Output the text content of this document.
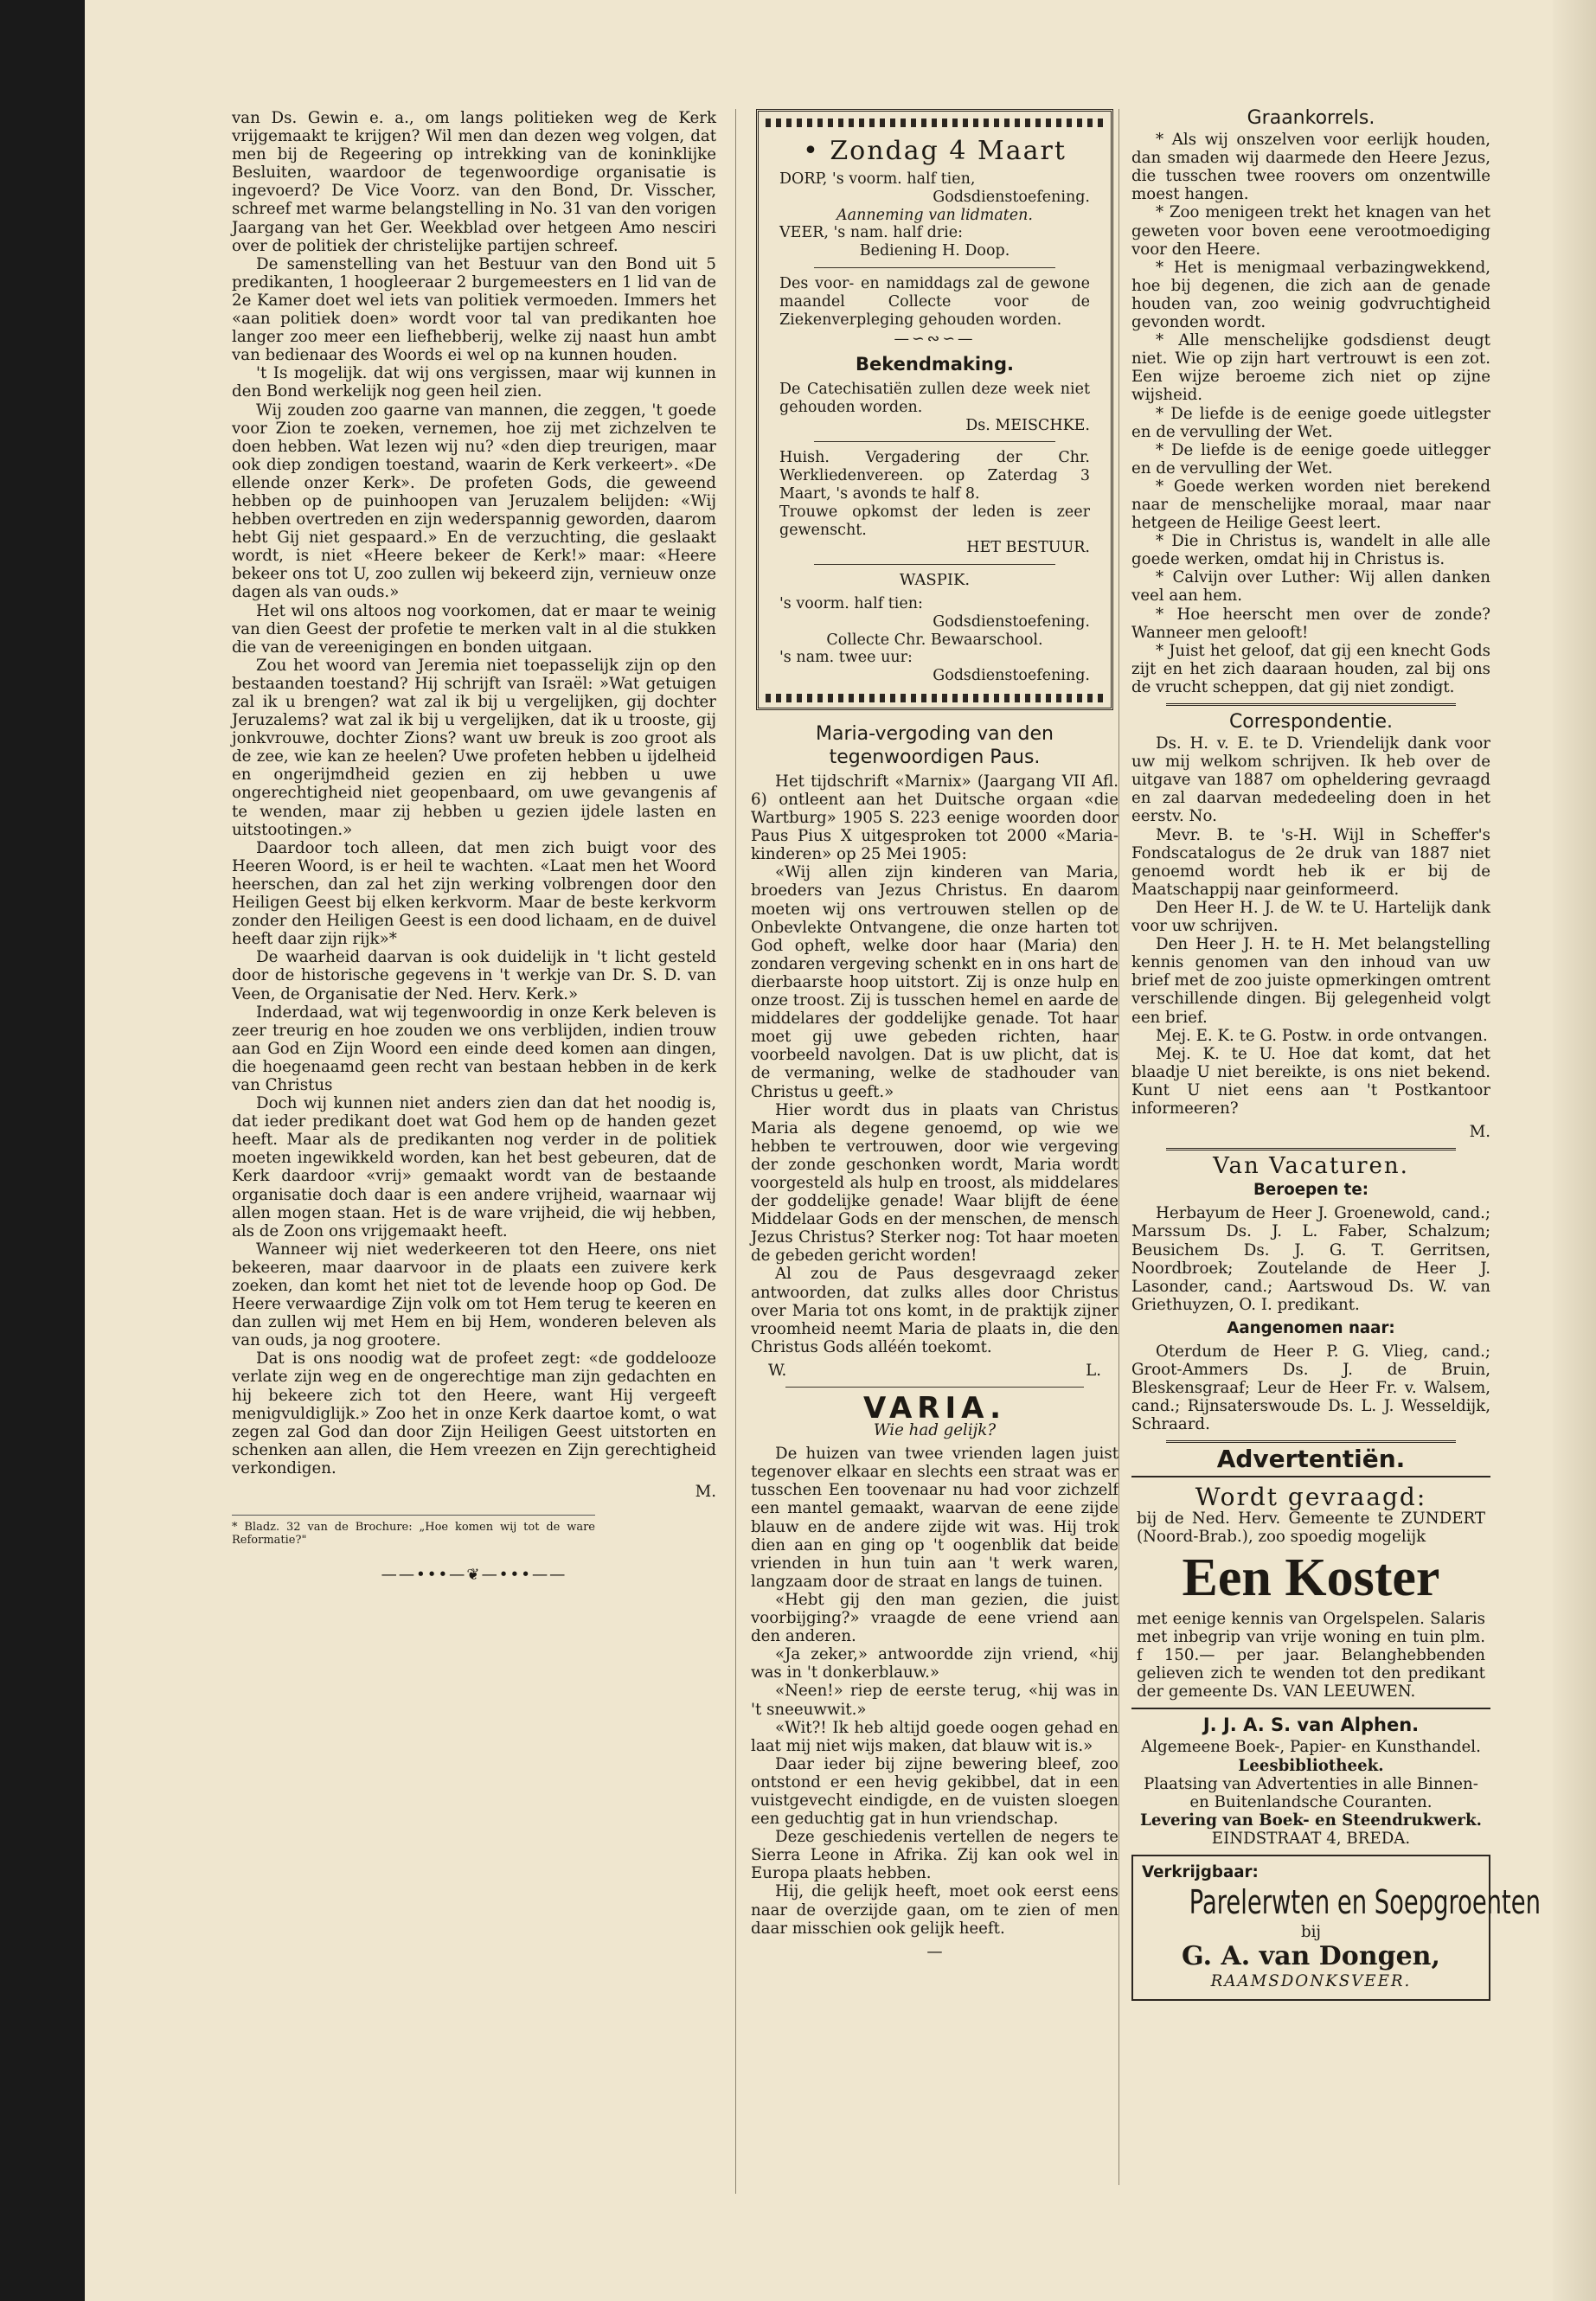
van Ds. Gewin e. a., om langs politieken weg de Kerk vrijgemaakt te krijgen? Wil men dan dezen weg volgen, dat men bij de Regeering op intrekking van de koninklijke Besluiten, waardoor de tegenwoordige organisatie is ingevoerd? De Vice Voorz. van den Bond, Dr. Visscher, schreef met warme belangstelling in No. 31 van den vorigen Jaargang van het Ger. Weekblad over hetgeen Amo nesciri over de politiek der christelijke partijen schreef.

De samenstelling van het Bestuur van den Bond uit 5 predikanten, 1 hoogleeraar 2 burgemeesters en 1 lid van de 2e Kamer doet wel iets van politiek vermoeden. Immers het «aan politiek doen» wordt voor tal van predikanten hoe langer zoo meer een liefhebberij, welke zij naast hun ambt van bedienaar des Woords ei wel op na kunnen houden.

't Is mogelijk. dat wij ons vergissen, maar wij kunnen in den Bond werkelijk nog geen heil zien.

Wij zouden zoo gaarne van mannen, die zeggen, 't goede voor Zion te zoeken, vernemen, hoe zij met zichzelven te doen hebben. Wat lezen wij nu? «den diep treurigen, maar ook diep zondigen toestand, waarin de Kerk verkeert». «De ellende onzer Kerk». De profeten Gods, die geweend hebben op de puinhoopen van Jeruzalem belijden: «Wij hebben overtreden en zijn wederspannig geworden, daarom hebt Gij niet gespaard.» En de verzuchting, die geslaakt wordt, is niet «Heere bekeer de Kerk!» maar: «Heere bekeer ons tot U, zoo zullen wij bekeerd zijn, vernieuw onze dagen als van ouds.»

Het wil ons altoos nog voorkomen, dat er maar te weinig van dien Geest der profetie te merken valt in al die stukken die van de vereenigingen en bonden uitgaan.

Zou het woord van Jeremia niet toepasselijk zijn op den bestaanden toestand? Hij schrijft van Israël: »Wat getuigen zal ik u brengen? wat zal ik bij u vergelijken, gij dochter Jeruzalems? wat zal ik bij u vergelijken, dat ik u trooste, gij jonkvrouwe, dochter Zions? want uw breuk is zoo groot als de zee, wie kan ze heelen? Uwe profeten hebben u ijdelheid en ongerijmdheid gezien en zij hebben u uwe ongerechtigheid niet geopenbaard, om uwe gevangenis af te wenden, maar zij hebben u gezien ijdele lasten en uitstootingen.»

Daardoor toch alleen, dat men zich buigt voor des Heeren Woord, is er heil te wachten. «Laat men het Woord heerschen, dan zal het zijn werking volbrengen door den Heiligen Geest bij elken kerkvorm. Maar de beste kerkvorm zonder den Heiligen Geest is een dood lichaam, en de duivel heeft daar zijn rijk»*

De waarheid daarvan is ook duidelijk in 't licht gesteld door de historische gegevens in 't werkje van Dr. S. D. van Veen, de Organisatie der Ned. Herv. Kerk.»

Inderdaad, wat wij tegenwoordig in onze Kerk beleven is zeer treurig en hoe zouden we ons verblijden, indien trouw aan God en Zijn Woord een einde deed komen aan dingen, die hoegenaamd geen recht van bestaan hebben in de kerk van Christus

Doch wij kunnen niet anders zien dan dat het noodig is, dat ieder predikant doet wat God hem op de handen gezet heeft. Maar als de predikanten nog verder in de politiek moeten ingewikkeld worden, kan het best gebeuren, dat de Kerk daardoor «vrij» gemaakt wordt van de bestaande organisatie doch daar is een andere vrijheid, waarnaar wij allen mogen staan. Het is de ware vrijheid, die wij hebben, als de Zoon ons vrijgemaakt heeft.

Wanneer wij niet wederkeeren tot den Heere, ons niet bekeeren, maar daarvoor in de plaats een zuivere kerk zoeken, dan komt het niet tot de levende hoop op God. De Heere verwaardige Zijn volk om tot Hem terug te keeren en dan zullen wij met Hem en bij Hem, wonderen beleven als van ouds, ja nog grootere.

Dat is ons noodig wat de profeet zegt: «de goddelooze verlate zijn weg en de ongerechtige man zijn gedachten en hij bekeere zich tot den Heere, want Hij vergeeft menigvuldiglijk.» Zoo het in onze Kerk daartoe komt, o wat zegen zal God dan door Zijn Heiligen Geest uitstorten en schenken aan allen, die Hem vreezen en Zijn gerechtigheid verkondigen.

M.
* Bladz. 32 van de Brochure: „Hoe komen wij tot de ware Reformatie?"
——•••—❦—•••——
• Zondag 4 Maart
DORP, 's voorm. half tien,
Godsdienstoefening.
Aanneming van lidmaten.
VEER, 's nam. half drie:
Bediening H. Doop.
Des voor- en namiddags zal de gewone maandel Collecte voor de Ziekenverpleging gehouden worden.
—∽∾∽—
Bekendmaking.
De Catechisatiën zullen deze week niet gehouden worden.
Ds. MEISCHKE.
Huish. Vergadering der Chr. Werkliedenvereen. op Zaterdag 3 Maart, 's avonds te half 8.
Trouwe opkomst der leden is zeer gewenscht.
HET BESTUUR.
WASPIK.
's voorm. half tien:
Godsdienstoefening.
Collecte Chr. Bewaarschool.
's nam. twee uur:
Godsdienstoefening.
Maria-vergoding van den tegenwoordigen Paus.

Het tijdschrift «Marnix» (Jaargang VII Afl. 6) ontleent aan het Duitsche orgaan «die Wartburg» 1905 S. 223 eenige woorden door Paus Pius X uitgesproken tot 2000 «Maria-kinderen» op 25 Mei 1905:

«Wij allen zijn kinderen van Maria, broeders van Jezus Christus. En daarom moeten wij ons vertrouwen stellen op de Onbevlekte Ontvangene, die onze harten tot God opheft, welke door haar (Maria) den zondaren vergeving schenkt en in ons hart de dierbaarste hoop uitstort. Zij is onze hulp en onze troost. Zij is tusschen hemel en aarde de middelares der goddelijke genade. Tot haar moet gij uwe gebeden richten, haar voorbeeld navolgen. Dat is uw plicht, dat is de vermaning, welke de stadhouder van Christus u geeft.»

Hier wordt dus in plaats van Christus Maria als degene genoemd, op wie we hebben te vertrouwen, door wie vergeving der zonde geschonken wordt, Maria wordt voorgesteld als hulp en troost, als middelares der goddelijke genade! Waar blijft de éene Middelaar Gods en der menschen, de mensch Jezus Christus? Sterker nog: Tot haar moeten de gebeden gericht worden!

Al zou de Paus desgevraagd zeker antwoorden, dat zulks alles door Christus over Maria tot ons komt, in de praktijk zijner vroomheid neemt Maria de plaats in, die den Christus Gods alléén toekomt.

W.	L.
VARIA.
Wie had gelijk?

De huizen van twee vrienden lagen juist tegenover elkaar en slechts een straat was er tusschen Een toovenaar nu had voor zichzelf een mantel gemaakt, waarvan de eene zijde blauw en de andere zijde wit was. Hij trok dien aan en ging op 't oogenblik dat beide vrienden in hun tuin aan 't werk waren, langzaam door de straat en langs de tuinen.

«Hebt gij den man gezien, die juist voorbijging?» vraagde de eene vriend aan den anderen.

«Ja zeker,» antwoordde zijn vriend, «hij was in 't donkerblauw.»

«Neen!» riep de eerste terug, «hij was in 't sneeuwwit.»

«Wit?! Ik heb altijd goede oogen gehad en laat mij niet wijs maken, dat blauw wit is.»

Daar ieder bij zijne bewering bleef, zoo ontstond er een hevig gekibbel, dat in een vuistgevecht eindigde, en de vuisten sloegen een geduchtig gat in hun vriendschap.

Deze geschiedenis vertellen de negers te Sierra Leone in Afrika. Zij kan ook wel in Europa plaats hebben.

Hij, die gelijk heeft, moet ook eerst eens naar de overzijde gaan, om te zien of men daar misschien ook gelijk heeft.

—
Graankorrels.

* Als wij onszelven voor eerlijk houden, dan smaden wij daarmede den Heere Jezus, die tusschen twee roovers om onzentwille moest hangen.

* Zoo menigeen trekt het knagen van het geweten voor boven eene verootmoediging voor den Heere.

* Het is menigmaal verbazingwekkend, hoe bij degenen, die zich aan de genade houden van, zoo weinig godvruchtigheid gevonden wordt.

* Alle menschelijke godsdienst deugt niet. Wie op zijn hart vertrouwt is een zot. Een wijze beroeme zich niet op zijne wijsheid.

* De liefde is de eenige goede uitlegster en de vervulling der Wet.

* De liefde is de eenige goede uitlegger en de vervulling der Wet.

* Goede werken worden niet berekend naar de menschelijke moraal, maar naar hetgeen de Heilige Geest leert.

* Die in Christus is, wandelt in alle alle goede werken, omdat hij in Christus is.

* Calvijn over Luther: Wij allen danken veel aan hem.

* Hoe heerscht men over de zonde? Wanneer men gelooft!

* Juist het geloof, dat gij een knecht Gods zijt en het zich daaraan houden, zal bij ons de vrucht scheppen, dat gij niet zondigt.

Correspondentie.

Ds. H. v. E. te D. Vriendelijk dank voor uw mij welkom schrijven. Ik heb over de uitgave van 1887 om opheldering gevraagd en zal daarvan mededeeling doen in het eerstv. No.

Mevr. B. te 's-H. Wijl in Scheffer's Fondscatalogus de 2e druk van 1887 niet genoemd wordt heb ik er bij de Maatschappij naar geinformeerd.

Den Heer H. J. de W. te U. Hartelijk dank voor uw schrijven.

Den Heer J. H. te H. Met belangstelling kennis genomen van den inhoud van uw brief met de zoo juiste opmerkingen omtrent verschillende dingen. Bij gelegenheid volgt een brief.

Mej. E. K. te G. Postw. in orde ontvangen.

Mej. K. te U. Hoe dat komt, dat het blaadje U niet bereikte, is ons niet bekend. Kunt U niet eens aan 't Postkantoor informeeren?

M.
Van Vacaturen.
Beroepen te:

Herbayum de Heer J. Groenewold, cand.; Marssum Ds. J. L. Faber, Schalzum; Beusichem Ds. J. G. T. Gerritsen, Noordbroek; Zoutelande de Heer J. Lasonder, cand.; Aartswoud Ds. W. van Griethuyzen, O. I. predikant.

Aangenomen naar:

Oterdum de Heer P. G. Vlieg, cand.; Groot-Ammers Ds. J. de Bruin, Bleskensgraaf; Leur de Heer Fr. v. Walsem, cand.; Rijnsaterswoude Ds. L. J. Wesseldijk, Schraard.

Advertentiën.
Wordt gevraagd:

bij de Ned. Herv. Gemeente te ZUNDERT (Noord-Brab.), zoo spoedig mogelijk

Een Koster

met eenige kennis van Orgelspelen. Salaris met inbegrip van vrije woning en tuin plm. f 150.— per jaar. Belanghebbenden gelieven zich te wenden tot den predikant der gemeente Ds. VAN LEEUWEN.

J. J. A. S. van Alphen.
Algemeene Boek-, Papier- en Kunsthandel.
Leesbibliotheek.
Plaatsing van Advertenties in alle Binnen- en Buitenlandsche Couranten.
Levering van Boek- en Steendrukwerk.
EINDSTRAAT 4, BREDA.
Verkrijgbaar:
Parelerwten en Soepgroenten
bij
G. A. van Dongen,
RAAMSDONKSVEER.
